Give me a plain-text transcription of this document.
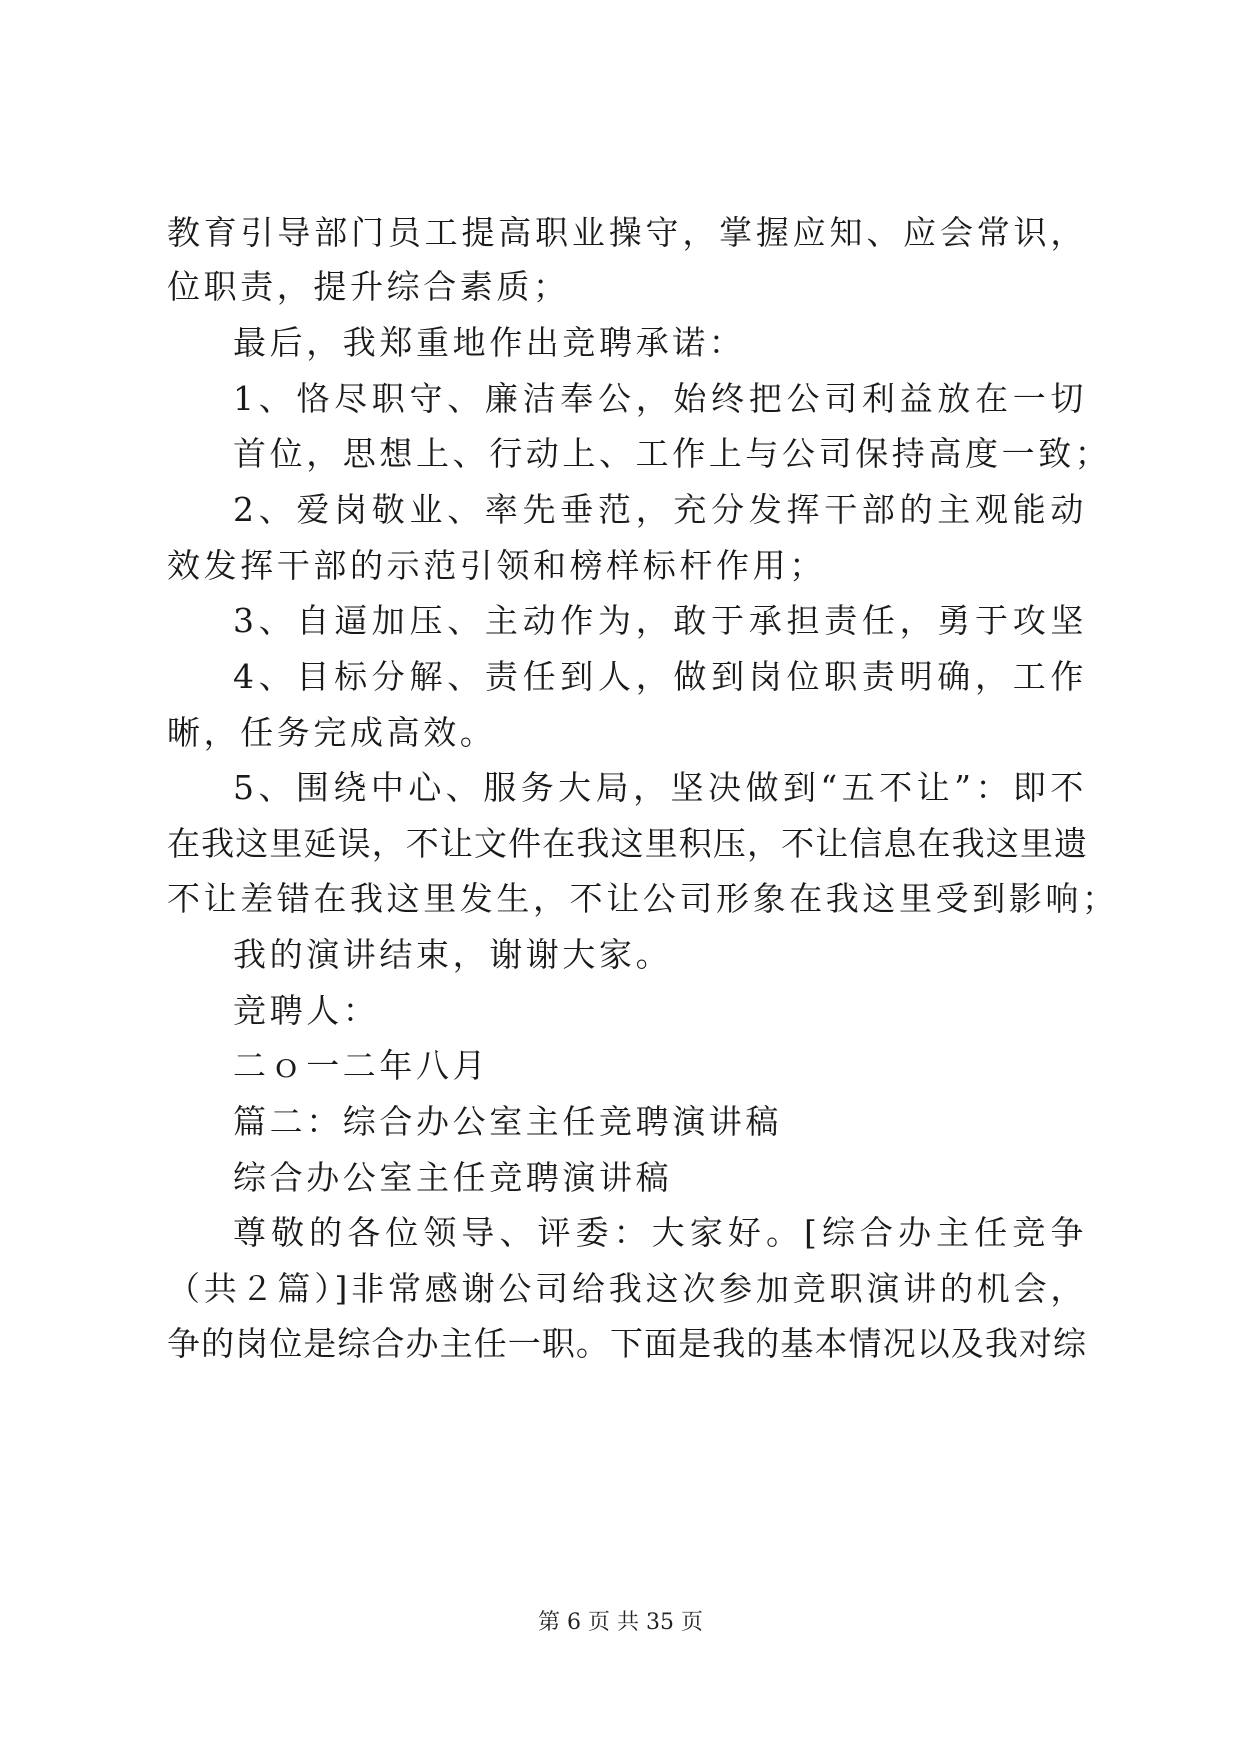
教育引导部门员工提高职业操守，掌握应知、应会常识，
位职责，提升综合素质；
最后，我郑重地作出竞聘承诺：
1、恪尽职守、廉洁奉公，始终把公司利益放在一切
首位，思想上、行动上、工作上与公司保持高度一致；
2、爱岗敬业、率先垂范，充分发挥干部的主观能动
效发挥干部的示范引领和榜样标杆作用；
3、自逼加压、主动作为，敢于承担责任，勇于攻坚
4、目标分解、责任到人，做到岗位职责明确，工作
晰，任务完成高效。
5、围绕中心、服务大局，坚决做到“五不让”：即不
在我这里延误，不让文件在我这里积压，不让信息在我这里遗
不让差错在我这里发生，不让公司形象在我这里受到影响；
我的演讲结束，谢谢大家。
竞聘人：
二ｏ一二年八月
篇二：综合办公室主任竞聘演讲稿
综合办公室主任竞聘演讲稿
尊敬的各位领导、评委：大家好。[综合办主任竞争
（共２篇）]非常感谢公司给我这次参加竞职演讲的机会，
争的岗位是综合办主任一职。下面是我的基本情况以及我对综
第 6 页 共 35 页
